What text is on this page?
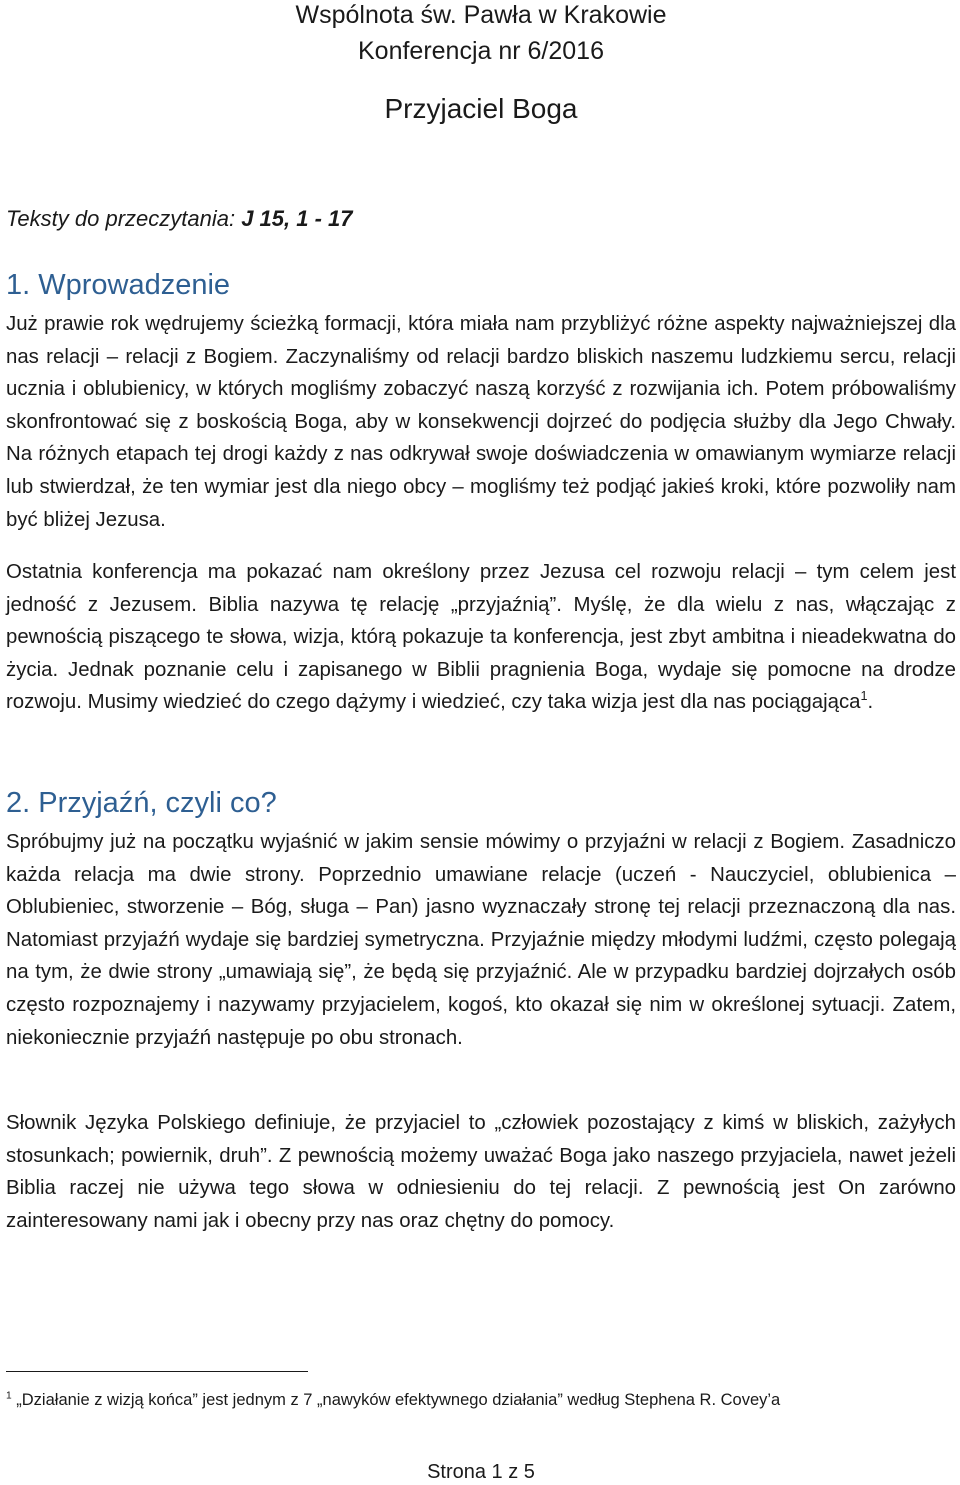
Wspólnota św. Pawła w Krakowie
Konferencja nr 6/2016
Przyjaciel Boga
Teksty do przeczytania: J 15, 1 - 17
1. Wprowadzenie
Już prawie rok wędrujemy ścieżką formacji, która miała nam przybliżyć różne aspekty najważniejszej dla nas relacji – relacji z Bogiem. Zaczynaliśmy od relacji bardzo bliskich naszemu ludzkiemu sercu, relacji ucznia i oblubienicy, w których mogliśmy zobaczyć naszą korzyść z rozwijania ich. Potem próbowaliśmy skonfrontować się z boskością Boga, aby w konsekwencji dojrzeć do podjęcia służby dla Jego Chwały. Na różnych etapach tej drogi każdy z nas odkrywał swoje doświadczenia w omawianym wymiarze relacji lub stwierdzał, że ten wymiar jest dla niego obcy – mogliśmy też podjąć jakieś kroki, które pozwoliły nam być bliżej Jezusa.
Ostatnia konferencja ma pokazać nam określony przez Jezusa cel rozwoju relacji – tym celem jest jedność z Jezusem. Biblia nazywa tę relację „przyjaźnią”. Myślę, że dla wielu z nas, włączając z pewnością piszącego te słowa, wizja, którą pokazuje ta konferencja, jest zbyt ambitna i nieadekwatna do życia. Jednak poznanie celu i zapisanego w Biblii pragnienia Boga, wydaje się pomocne na drodze rozwoju. Musimy wiedzieć do czego dążymy i wiedzieć, czy taka wizja jest dla nas pociągająca$^1$.
2. Przyjaźń, czyli co?
Spróbujmy już na początku wyjaśnić w jakim sensie mówimy o przyjaźni w relacji z Bogiem. Zasadniczo każda relacja ma dwie strony. Poprzednio umawiane relacje (uczeń - Nauczyciel, oblubienica – Oblubieniec, stworzenie – Bóg, sługa – Pan) jasno wyznaczały stronę tej relacji przeznaczoną dla nas. Natomiast przyjaźń wydaje się bardziej symetryczna. Przyjaźnie między młodymi ludźmi, często polegają na tym, że dwie strony „umawiają się”, że będą się przyjaźnić. Ale w przypadku bardziej dojrzałych osób często rozpoznajemy i nazywamy przyjacielem, kogoś, kto okazał się nim w określonej sytuacji. Zatem, niekoniecznie przyjaźń następuje po obu stronach.
Słownik Języka Polskiego definiuje, że przyjaciel to „człowiek pozostający z kimś w bliskich, zażyłych stosunkach; powiernik, druh”. Z pewnością możemy uważać Boga jako naszego przyjaciela, nawet jeżeli Biblia raczej nie używa tego słowa w odniesieniu do tej relacji. Z pewnością jest On zarówno zainteresowany nami jak i obecny przy nas oraz chętny do pomocy.
$^1$ „Działanie z wizją końca” jest jednym z 7 „nawyków efektywnego działania” według Stephena R. Covey’a
Strona 1 z 5
